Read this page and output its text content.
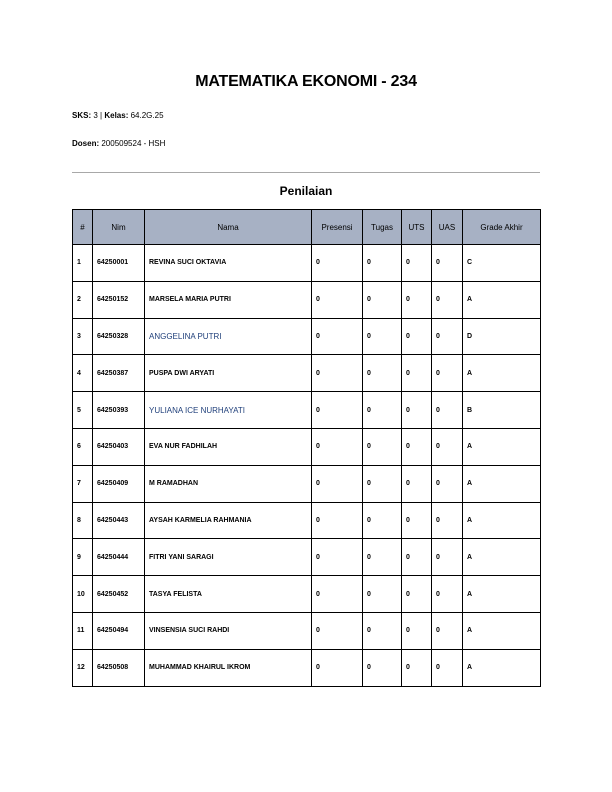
MATEMATIKA EKONOMI - 234
SKS: 3 | Kelas: 64.2G.25
Dosen: 200509524 - HSH
Penilaian
#	Nim	Nama	Presensi	Tugas	UTS	UAS	Grade Akhir
1	64250001	REVINA SUCI OKTAVIA	0	0	0	0	C
2	64250152	MARSELA MARIA PUTRI	0	0	0	0	A
3	64250328	ANGGELINA PUTRI	0	0	0	0	D
4	64250387	PUSPA DWI ARYATI	0	0	0	0	A
5	64250393	YULIANA ICE NURHAYATI	0	0	0	0	B
6	64250403	EVA NUR FADHILAH	0	0	0	0	A
7	64250409	M RAMADHAN	0	0	0	0	A
8	64250443	AYSAH KARMELIA RAHMANIA	0	0	0	0	A
9	64250444	FITRI YANI SARAGI	0	0	0	0	A
10	64250452	TASYA FELISTA	0	0	0	0	A
11	64250494	VINSENSIA SUCI RAHDI	0	0	0	0	A
12	64250508	MUHAMMAD KHAIRUL IKROM	0	0	0	0	A
